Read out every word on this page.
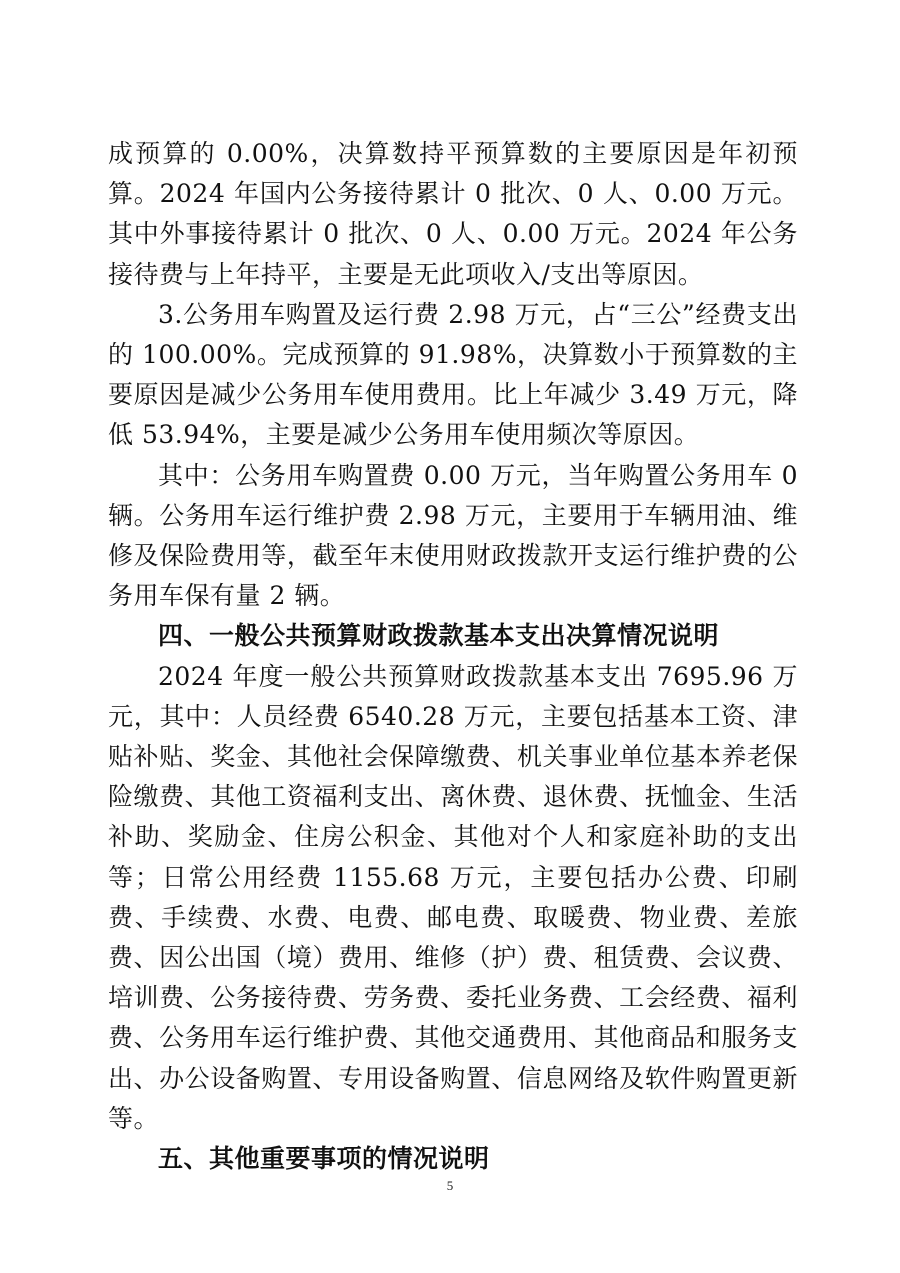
成预算的 0.00%，决算数持平预算数的主要原因是年初预算。2024 年国内公务接待累计 0 批次、0 人、0.00 万元。其中外事接待累计 0 批次、0 人、0.00 万元。2024 年公务接待费与上年持平，主要是无此项收入/支出等原因。

3.公务用车购置及运行费 2.98 万元，占“三公”经费支出的 100.00%。完成预算的 91.98%，决算数小于预算数的主要原因是减少公务用车使用费用。比上年减少 3.49 万元，降低 53.94%，主要是减少公务用车使用频次等原因。

其中：公务用车购置费 0.00 万元，当年购置公务用车 0 辆。公务用车运行维护费 2.98 万元，主要用于车辆用油、维修及保险费用等，截至年末使用财政拨款开支运行维护费的公务用车保有量 2 辆。

四、一般公共预算财政拨款基本支出决算情况说明

2024 年度一般公共预算财政拨款基本支出 7695.96 万元，其中：人员经费 6540.28 万元，主要包括基本工资、津贴补贴、奖金、其他社会保障缴费、机关事业单位基本养老保险缴费、其他工资福利支出、离休费、退休费、抚恤金、生活补助、奖励金、住房公积金、其他对个人和家庭补助的支出等；日常公用经费 1155.68 万元，主要包括办公费、印刷费、手续费、水费、电费、邮电费、取暖费、物业费、差旅费、因公出国（境）费用、维修（护）费、租赁费、会议费、培训费、公务接待费、劳务费、委托业务费、工会经费、福利费、公务用车运行维护费、其他交通费用、其他商品和服务支出、办公设备购置、专用设备购置、信息网络及软件购置更新等。

五、其他重要事项的情况说明
5
